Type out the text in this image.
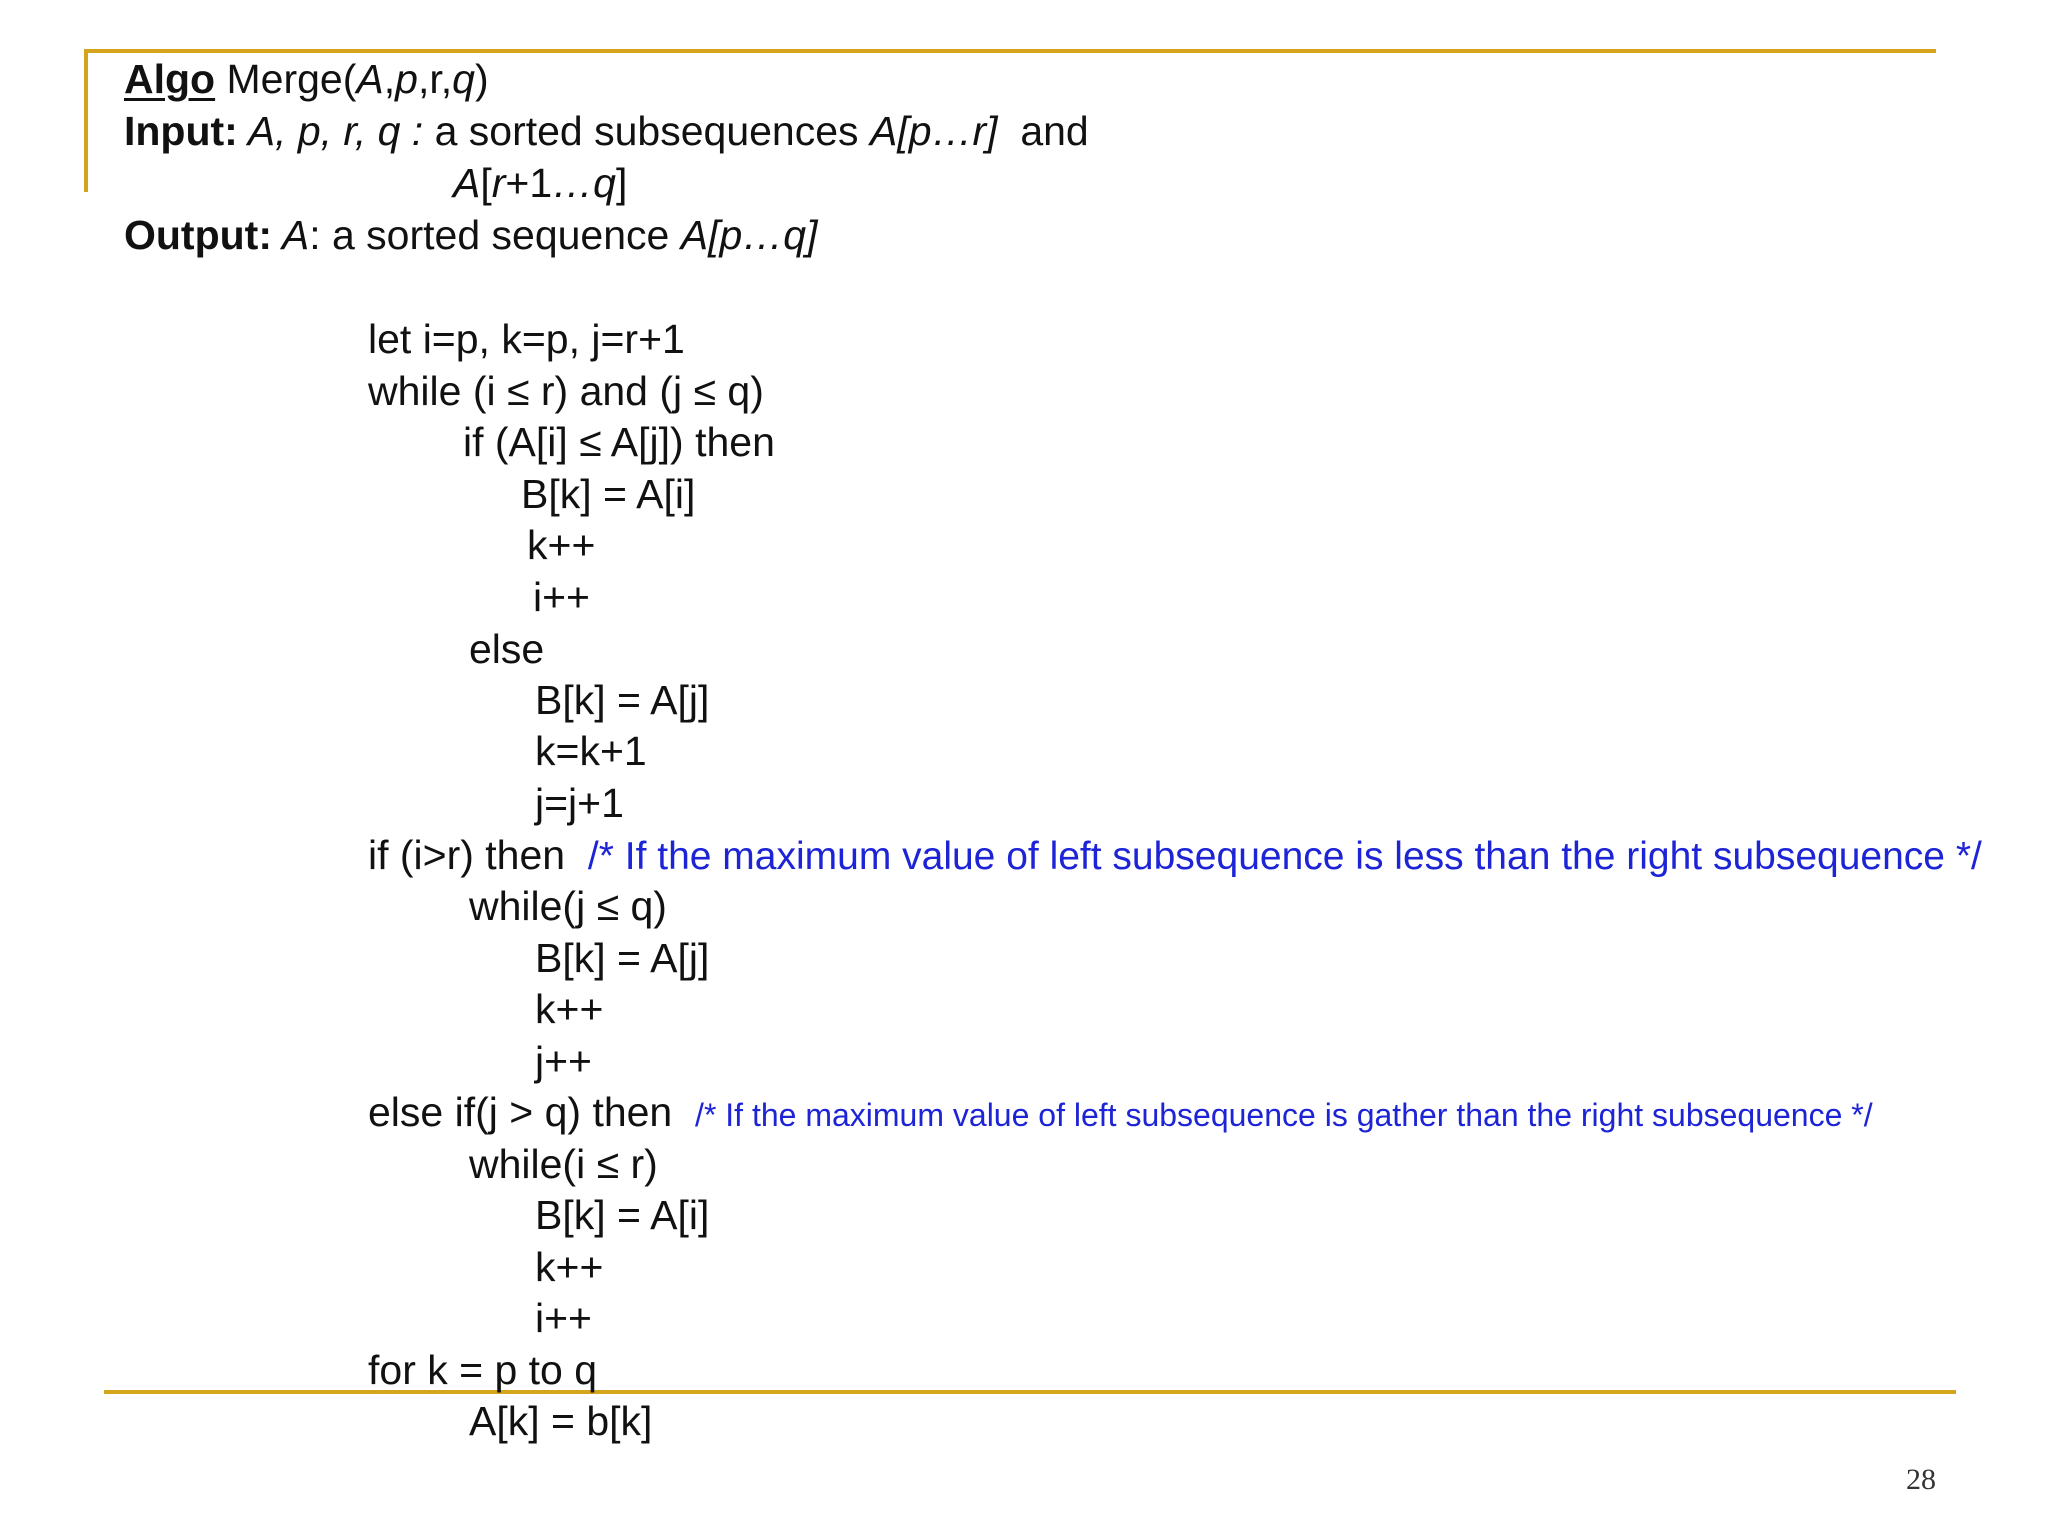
Algo Merge(A,p,r,q)
Input: A, p, r, q : a sorted subsequences A[p…r]  and
A[r+1…q]
Output: A: a sorted sequence A[p…q]
let i=p, k=p, j=r+1
while (i ≤ r) and (j ≤ q)
if (A[i] ≤ A[j]) then
B[k] = A[i]
k++
i++
else
B[k] = A[j]
k=k+1
j=j+1
if (i>r) then /* If the maximum value of left subsequence is less than the right subsequence */
while(j ≤ q)
B[k] = A[j]
k++
j++
else if(j > q) then /* If the maximum value of left subsequence is gather than the right subsequence */
while(i ≤ r)
B[k] = A[i]
k++
i++
for k = p to q
A[k] = b[k]
28
